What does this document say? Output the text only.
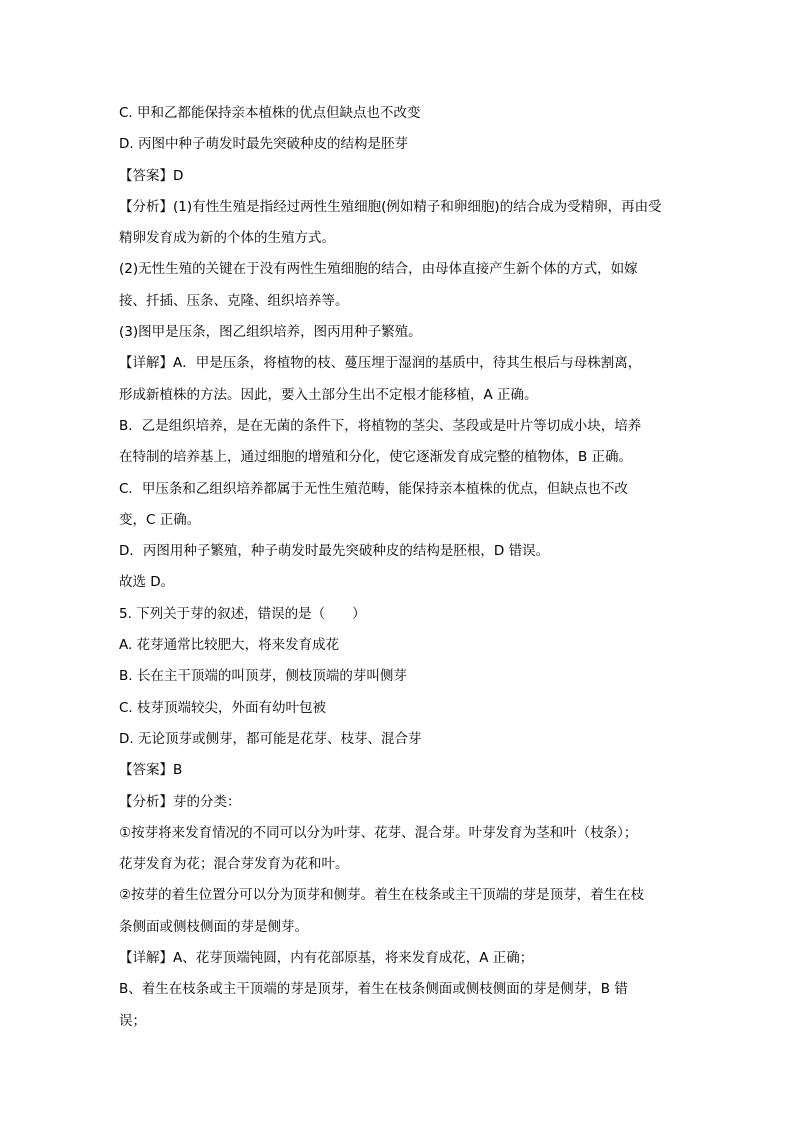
C. 甲和乙都能保持亲本植株的优点但缺点也不改变
D. 丙图中种子萌发时最先突破种皮的结构是胚芽
【答案】D
【分析】(1)有性生殖是指经过两性生殖细胞(例如精子和卵细胞)的结合成为受精卵，再由受
精卵发育成为新的个体的生殖方式。
(2)无性生殖的关键在于没有两性生殖细胞的结合，由母体直接产生新个体的方式，如嫁
接、扦插、压条、克隆、组织培养等。
(3)图甲是压条，图乙组织培养，图丙用种子繁殖。
【详解】A．甲是压条，将植物的枝、蔓压埋于湿润的基质中，待其生根后与母株割离，
形成新植株的方法。因此，要入土部分生出不定根才能移植，A 正确。
B．乙是组织培养，是在无菌的条件下，将植物的茎尖、茎段或是叶片等切成小块，培养
在特制的培养基上，通过细胞的增殖和分化，使它逐渐发育成完整的植物体，B 正确。
C．甲压条和乙组织培养都属于无性生殖范畴，能保持亲本植株的优点，但缺点也不改
变，C 正确。
D．丙图用种子繁殖，种子萌发时最先突破种皮的结构是胚根，D 错误。
故选 D。
5. 下列关于芽的叙述，错误的是（　　）
A. 花芽通常比较肥大，将来发育成花
B. 长在主干顶端的叫顶芽，侧枝顶端的芽叫侧芽
C. 枝芽顶端较尖，外面有幼叶包被
D. 无论顶芽或侧芽，都可能是花芽、枝芽、混合芽
【答案】B
【分析】芽的分类：
①按芽将来发育情况的不同可以分为叶芽、花芽、混合芽。叶芽发育为茎和叶（枝条）；
花芽发育为花；混合芽发育为花和叶。
②按芽的着生位置分可以分为顶芽和侧芽。着生在枝条或主干顶端的芽是顶芽，着生在枝
条侧面或侧枝侧面的芽是侧芽。
【详解】A、花芽顶端钝圆，内有花部原基，将来发育成花，A 正确；
B、着生在枝条或主干顶端的芽是顶芽，着生在枝条侧面或侧枝侧面的芽是侧芽，B 错
误；
